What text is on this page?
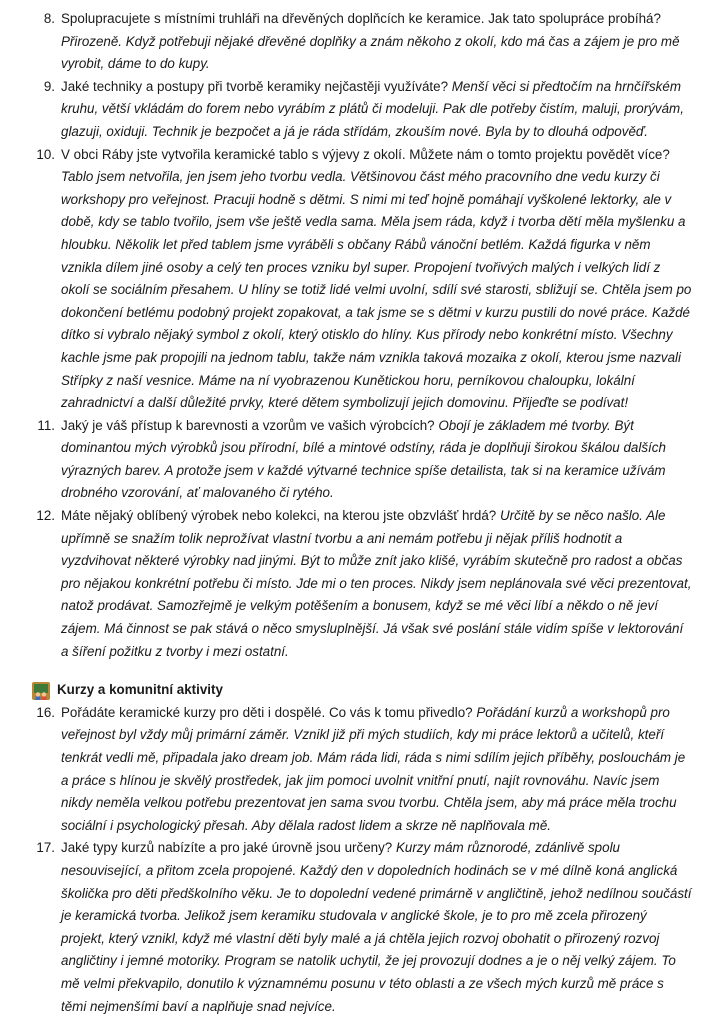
8. Spolupracujete s místními truhláři na dřevěných doplňcích ke keramice. Jak tato spolupráce probíhá? Přirozeně. Když potřebuji nějaké dřevěné doplňky a znám někoho z okolí, kdo má čas a zájem je pro mě vyrobit, dáme to do kupy.
9. Jaké techniky a postupy při tvorbě keramiky nejčastěji využíváte? Menší věci si předtočím na hrnčířském kruhu, větší vkládám do forem nebo vyrábím z plátů či modeluji. Pak dle potřeby čistím, maluji, prorývám, glazuji, oxiduji. Technik je bezpočet a já je ráda střídám, zkouším nové. Byla by to dlouhá odpověď.
10. V obci Ráby jste vytvořila keramické tablo s výjevy z okolí. Můžete nám o tomto projektu povědět více? Tablo jsem netvořila, jen jsem jeho tvorbu vedla. Většinovou část mého pracovního dne vedu kurzy či workshopy pro veřejnost. Pracuji hodně s dětmi. S nimi mi teď hojně pomáhají vyškolené lektorky, ale v době, kdy se tablo tvořilo, jsem vše ještě vedla sama. Měla jsem ráda, když i tvorba dětí měla myšlenku a hloubku. Několik let před tablem jsme vyráběli s občany Rábů vánoční betlém. Každá figurka v něm vznikla dílem jiné osoby a celý ten proces vzniku byl super. Propojení tvořivých malých i velkých lidí z okolí se sociálním přesahem. U hlíny se totiž lidé velmi uvolní, sdílí své starosti, sbližují se. Chtěla jsem po dokončení betlému podobný projekt zopakovat, a tak jsme se s dětmi v kurzu pustili do nové práce. Každé dítko si vybralo nějaký symbol z okolí, který otisklo do hlíny. Kus přírody nebo konkrétní místo. Všechny kachle jsme pak propojili na jednom tablu, takže nám vznikla taková mozaika z okolí, kterou jsme nazvali Střípky z naší vesnice. Máme na ní vyobrazenou Kunětickou horu, perníkovou chaloupku, lokální zahradnictví a další důležité prvky, které dětem symbolizují jejich domovinu. Přijeďte se podívat!
11. Jaký je váš přístup k barevnosti a vzorům ve vašich výrobcích? Obojí je základem mé tvorby. Být dominantou mých výrobků jsou přírodní, bílé a mintové odstíny, ráda je doplňuji širokou škálou dalších výrazných barev. A protože jsem v každé výtvarné technice spíše detailista, tak si na keramice užívám drobného vzorování, ať malovaného či rytého.
12. Máte nějaký oblíbený výrobek nebo kolekci, na kterou jste obzvlášť hrdá? Určitě by se něco našlo. Ale upřímně se snažím tolik neprožívat vlastní tvorbu a ani nemám potřebu ji nějak příliš hodnotit a vyzdvihovat některé výrobky nad jinými. Být to může znít jako klišé, vyrábím skutečně pro radost a občas pro nějakou konkrétní potřebu či místo. Jde mi o ten proces. Nikdy jsem neplánovala své věci prezentovat, natož prodávat. Samozřejmě je velkým potěšením a bonusem, když se mé věci líbí a někdo o ně jeví zájem. Má činnost se pak stává o něco smysluplnější. Já však své poslání stále vidím spíše v lektorování a šíření požitku z tvorby i mezi ostatní.
Kurzy a komunitní aktivity
16. Pořádáte keramické kurzy pro děti i dospělé. Co vás k tomu přivedlo? Pořádání kurzů a workshopů pro veřejnost byl vždy můj primární záměr. Vznikl již při mých studiích, kdy mi práce lektorů a učitelů, kteří tenkrát vedli mě, připadala jako dream job. Mám ráda lidi, ráda s nimi sdílím jejich příběhy, poslouchám je a práce s hlínou je skvělý prostředek, jak jim pomoci uvolnit vnitřní pnutí, najít rovnováhu. Navíc jsem nikdy neměla velkou potřebu prezentovat jen sama svou tvorbu. Chtěla jsem, aby má práce měla trochu sociální i psychologický přesah. Aby dělala radost lidem a skrze ně naplňovala mě.
17. Jaké typy kurzů nabízíte a pro jaké úrovně jsou určeny? Kurzy mám různorodé, zdánlivě spolu nesouvisející, a přitom zcela propojené. Každý den v dopoledních hodinách se v mé dílně koná anglická školička pro děti předškolního věku. Je to dopolední vedené primárně v angličtině, jehož nedílnou součástí je keramická tvorba. Jelikož jsem keramiku studovala v anglické škole, je to pro mě zcela přirozený projekt, který vznikl, když mé vlastní děti byly malé a já chtěla jejich rozvoj obohatit o přirozený rozvoj angličtiny i jemné motoriky. Program se natolik uchytil, že jej provozují dodnes a je o něj velký zájem. To mě velmi překvapilo, donutilo k významnému posunu v této oblasti a ze všech mých kurzů mě práce s těmi nejmenšími baví a naplňuje snad nejvíce.
